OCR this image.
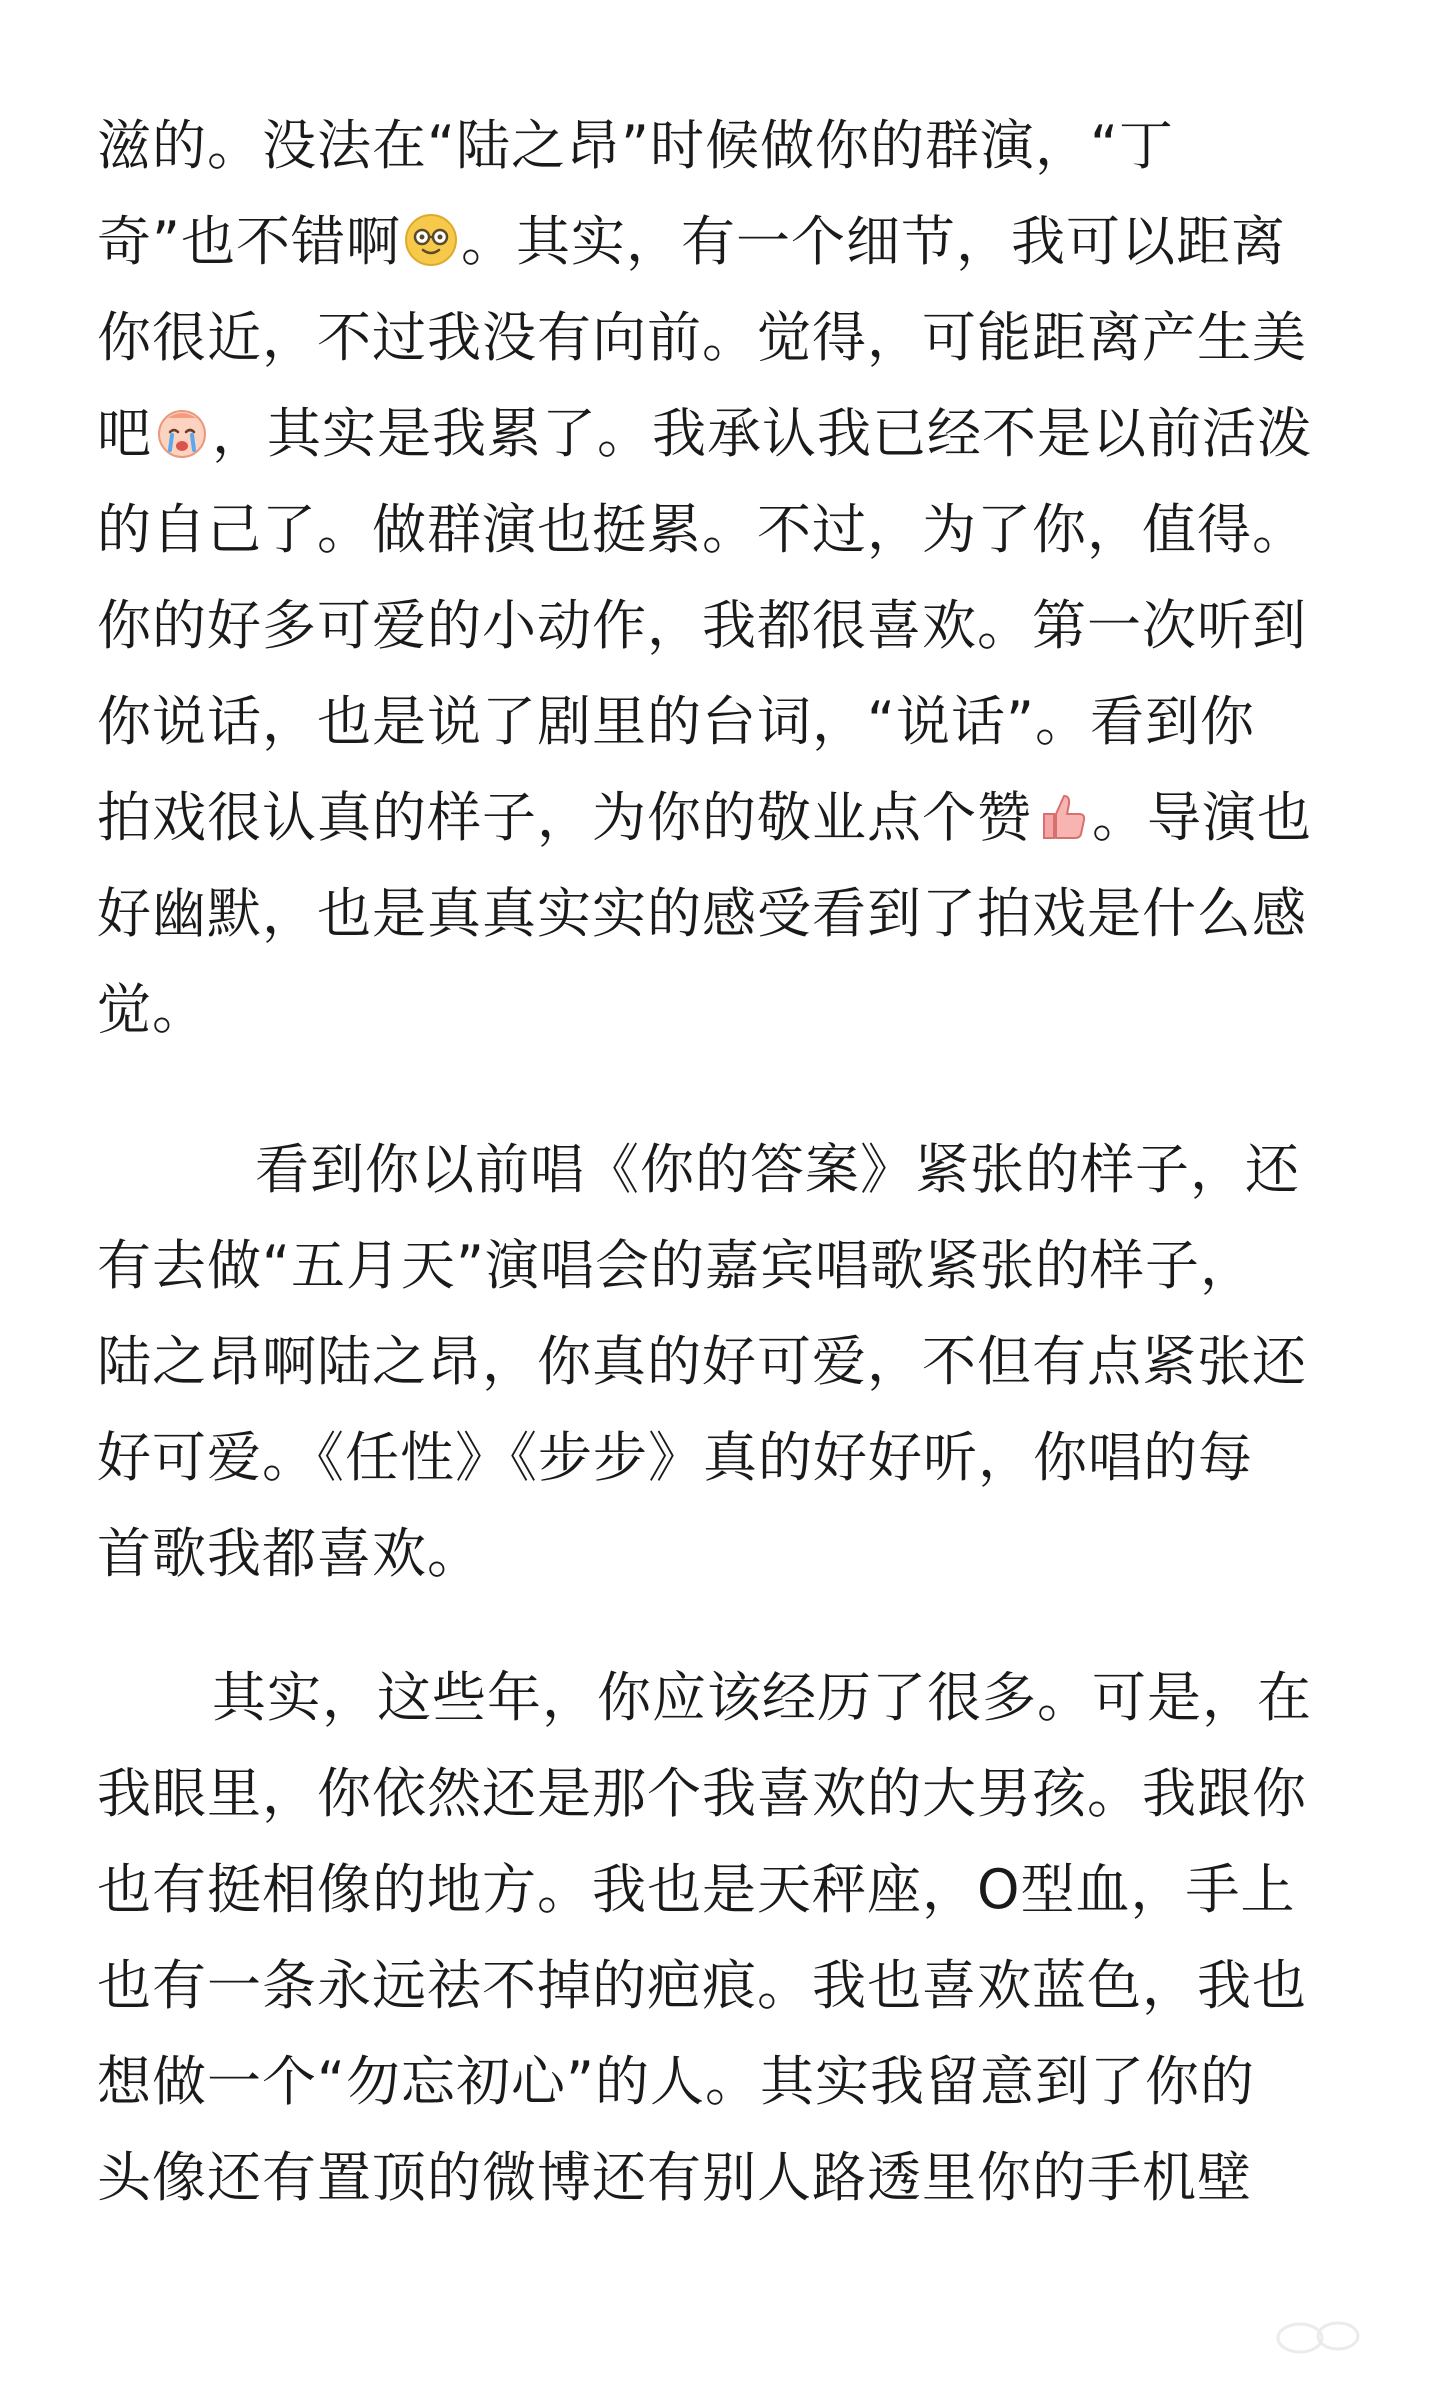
滋的。没法在“陆之昂”时候做你的群演，“丁
奇”也不错啊 。其实，有一个细节，我可以距离
你很近，不过我没有向前。觉得，可能距离产生美
吧 ，其实是我累了。我承认我已经不是以前活泼
的自己了。做群演也挺累。不过，为了你，值得。
你的好多可爱的小动作，我都很喜欢。第一次听到
你说话，也是说了剧里的台词，“说话”。看到你
拍戏很认真的样子，为你的敬业点个赞 。导演也
好幽默，也是真真实实的感受看到了拍戏是什么感
觉。
看到你以前唱《你的答案》紧张的样子，还
有去做“五月天”演唱会的嘉宾唱歌紧张的样子，
陆之昂啊陆之昂，你真的好可爱，不但有点紧张还
好可爱。《任性》《步步》真的好好听，你唱的每
首歌我都喜欢。
其实，这些年，你应该经历了很多。可是，在
我眼里，你依然还是那个我喜欢的大男孩。我跟你
也有挺相像的地方。我也是天秤座，O型血，手上
也有一条永远祛不掉的疤痕。我也喜欢蓝色，我也
想做一个“勿忘初心”的人。其实我留意到了你的
头像还有置顶的微博还有别人路透里你的手机壁
